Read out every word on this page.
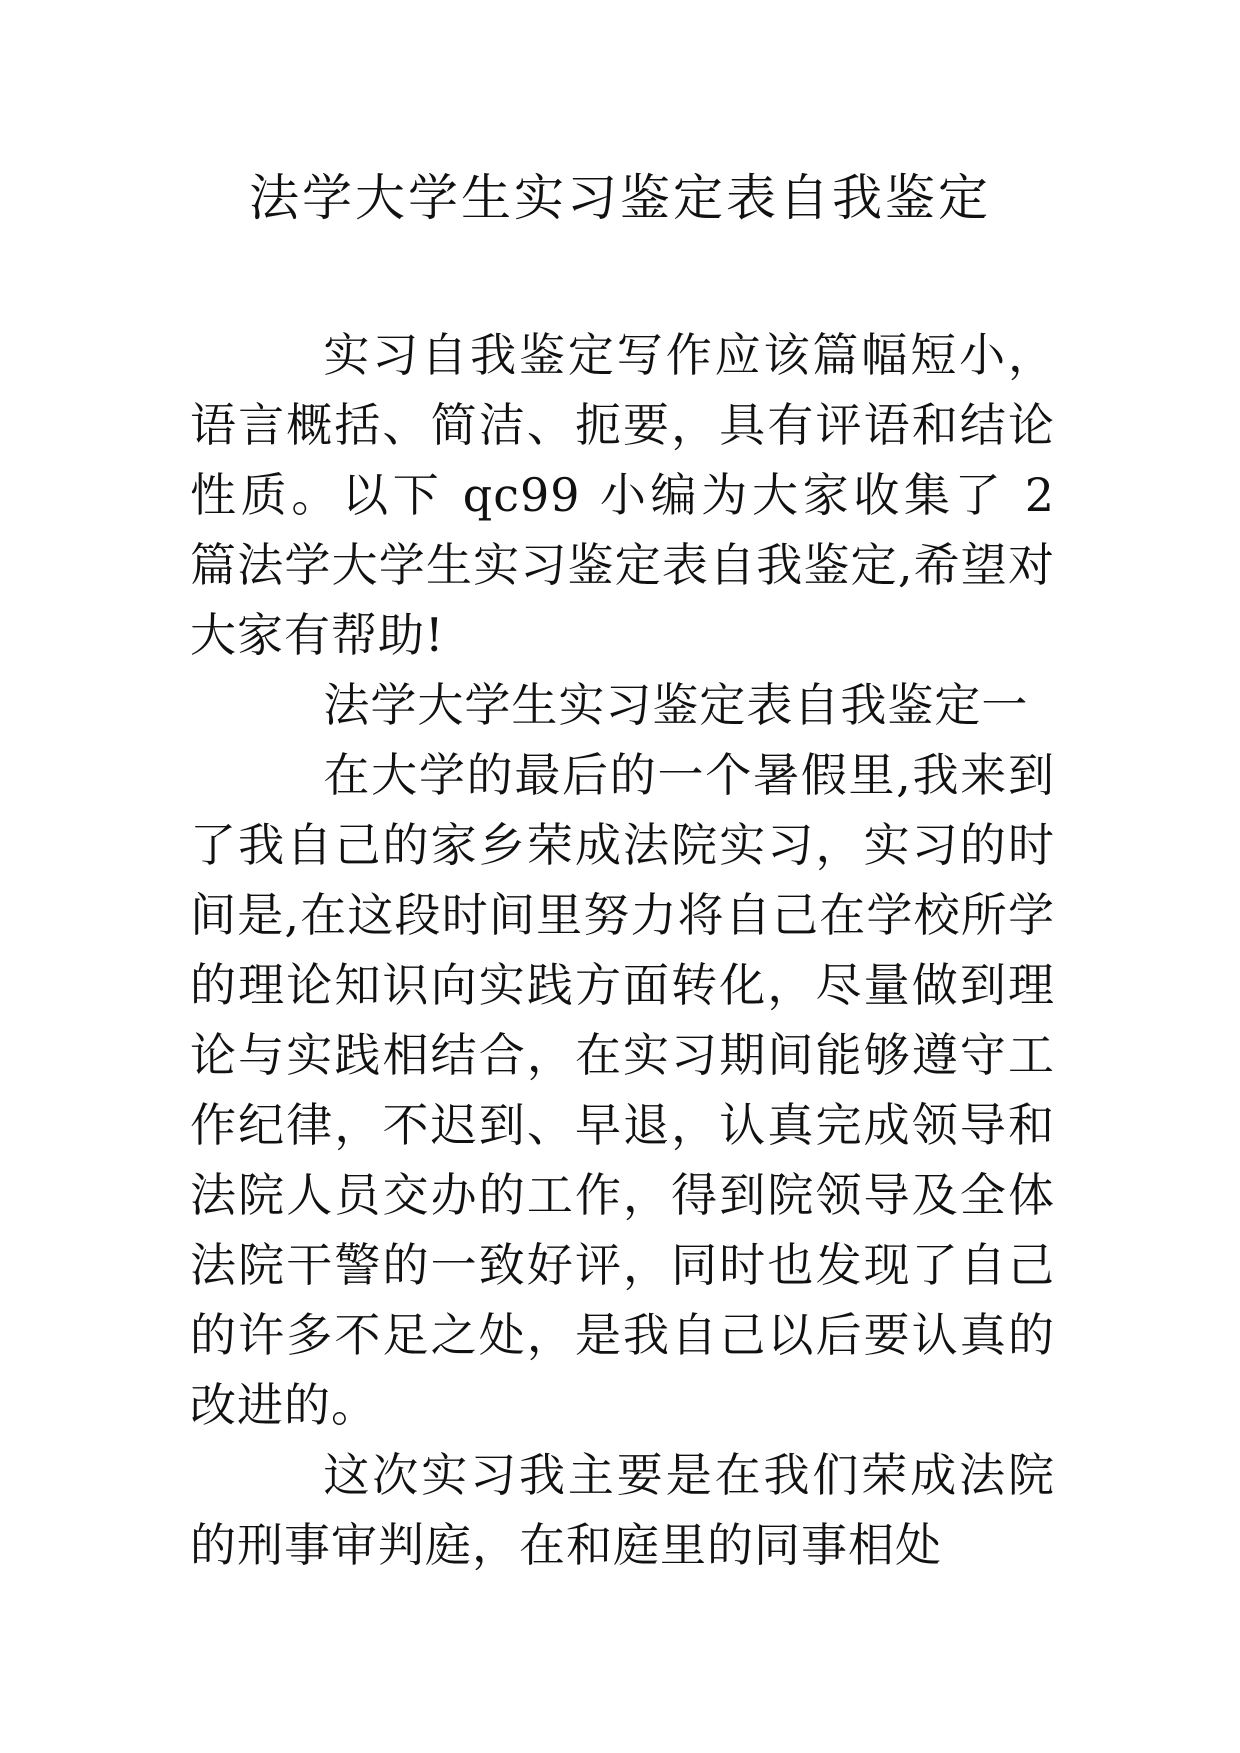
法学大学生实习鉴定表自我鉴定

实习自我鉴定写作应该篇幅短小，语言概括、简洁、扼要，具有评语和结论性质。以下 qc99 小编为大家收集了 2 篇法学大学生实习鉴定表自我鉴定,希望对大家有帮助!

法学大学生实习鉴定表自我鉴定一

在大学的最后的一个暑假里,我来到了我自己的家乡荣成法院实习，实习的时间是,在这段时间里努力将自己在学校所学的理论知识向实践方面转化，尽量做到理论与实践相结合，在实习期间能够遵守工作纪律，不迟到、早退，认真完成领导和法院人员交办的工作，得到院领导及全体法院干警的一致好评，同时也发现了自己的许多不足之处，是我自己以后要认真的改进的。

这次实习我主要是在我们荣成法院的刑事审判庭，在和庭里的同事相处
